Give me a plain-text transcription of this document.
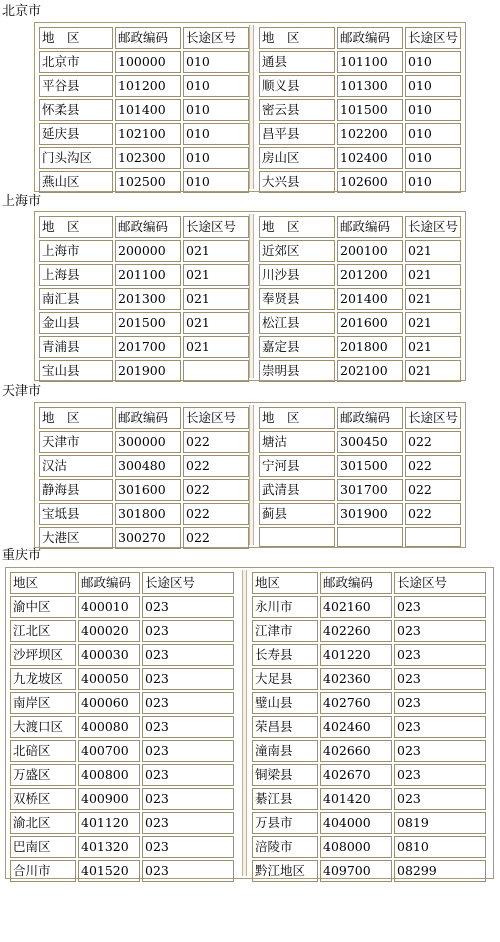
北京市
上海市
天津市
重庆市
地　区	邮政编码	长途区号
北京市	100000	010
平谷县	101200	010
怀柔县	101400	010
延庆县	102100	010
门头沟区	102300	010
燕山区	102500	010
地　区	邮政编码	长途区号
通县	101100	010
顺义县	101300	010
密云县	101500	010
昌平县	102200	010
房山区	102400	010
大兴县	102600	010
地　区	邮政编码	长途区号
上海市	200000	021
上海县	201100	021
南汇县	201300	021
金山县	201500	021
青浦县	201700	021
宝山县	201900	
地　区	邮政编码	长途区号
近郊区	200100	021
川沙县	201200	021
奉贤县	201400	021
松江县	201600	021
嘉定县	201800	021
崇明县	202100	021
地　区	邮政编码	长途区号
天津市	300000	022
汉沽	300480	022
静海县	301600	022
宝坻县	301800	022
大港区	300270	022
地　区	邮政编码	长途区号
塘沽	300450	022
宁河县	301500	022
武清县	301700	022
蓟县	301900	022

地区	邮政编码	长途区号
渝中区	400010	023
江北区	400020	023
沙坪坝区	400030	023
九龙坡区	400050	023
南岸区	400060	023
大渡口区	400080	023
北碚区	400700	023
万盛区	400800	023
双桥区	400900	023
渝北区	401120	023
巴南区	401320	023
合川市	401520	023
地区	邮政编码	长途区号
永川市	402160	023
江津市	402260	023
长寿县	401220	023
大足县	402360	023
璧山县	402760	023
荣昌县	402460	023
潼南县	402660	023
铜梁县	402670	023
綦江县	401420	023
万县市	404000	0819
涪陵市	408000	0810
黔江地区	409700	08299
